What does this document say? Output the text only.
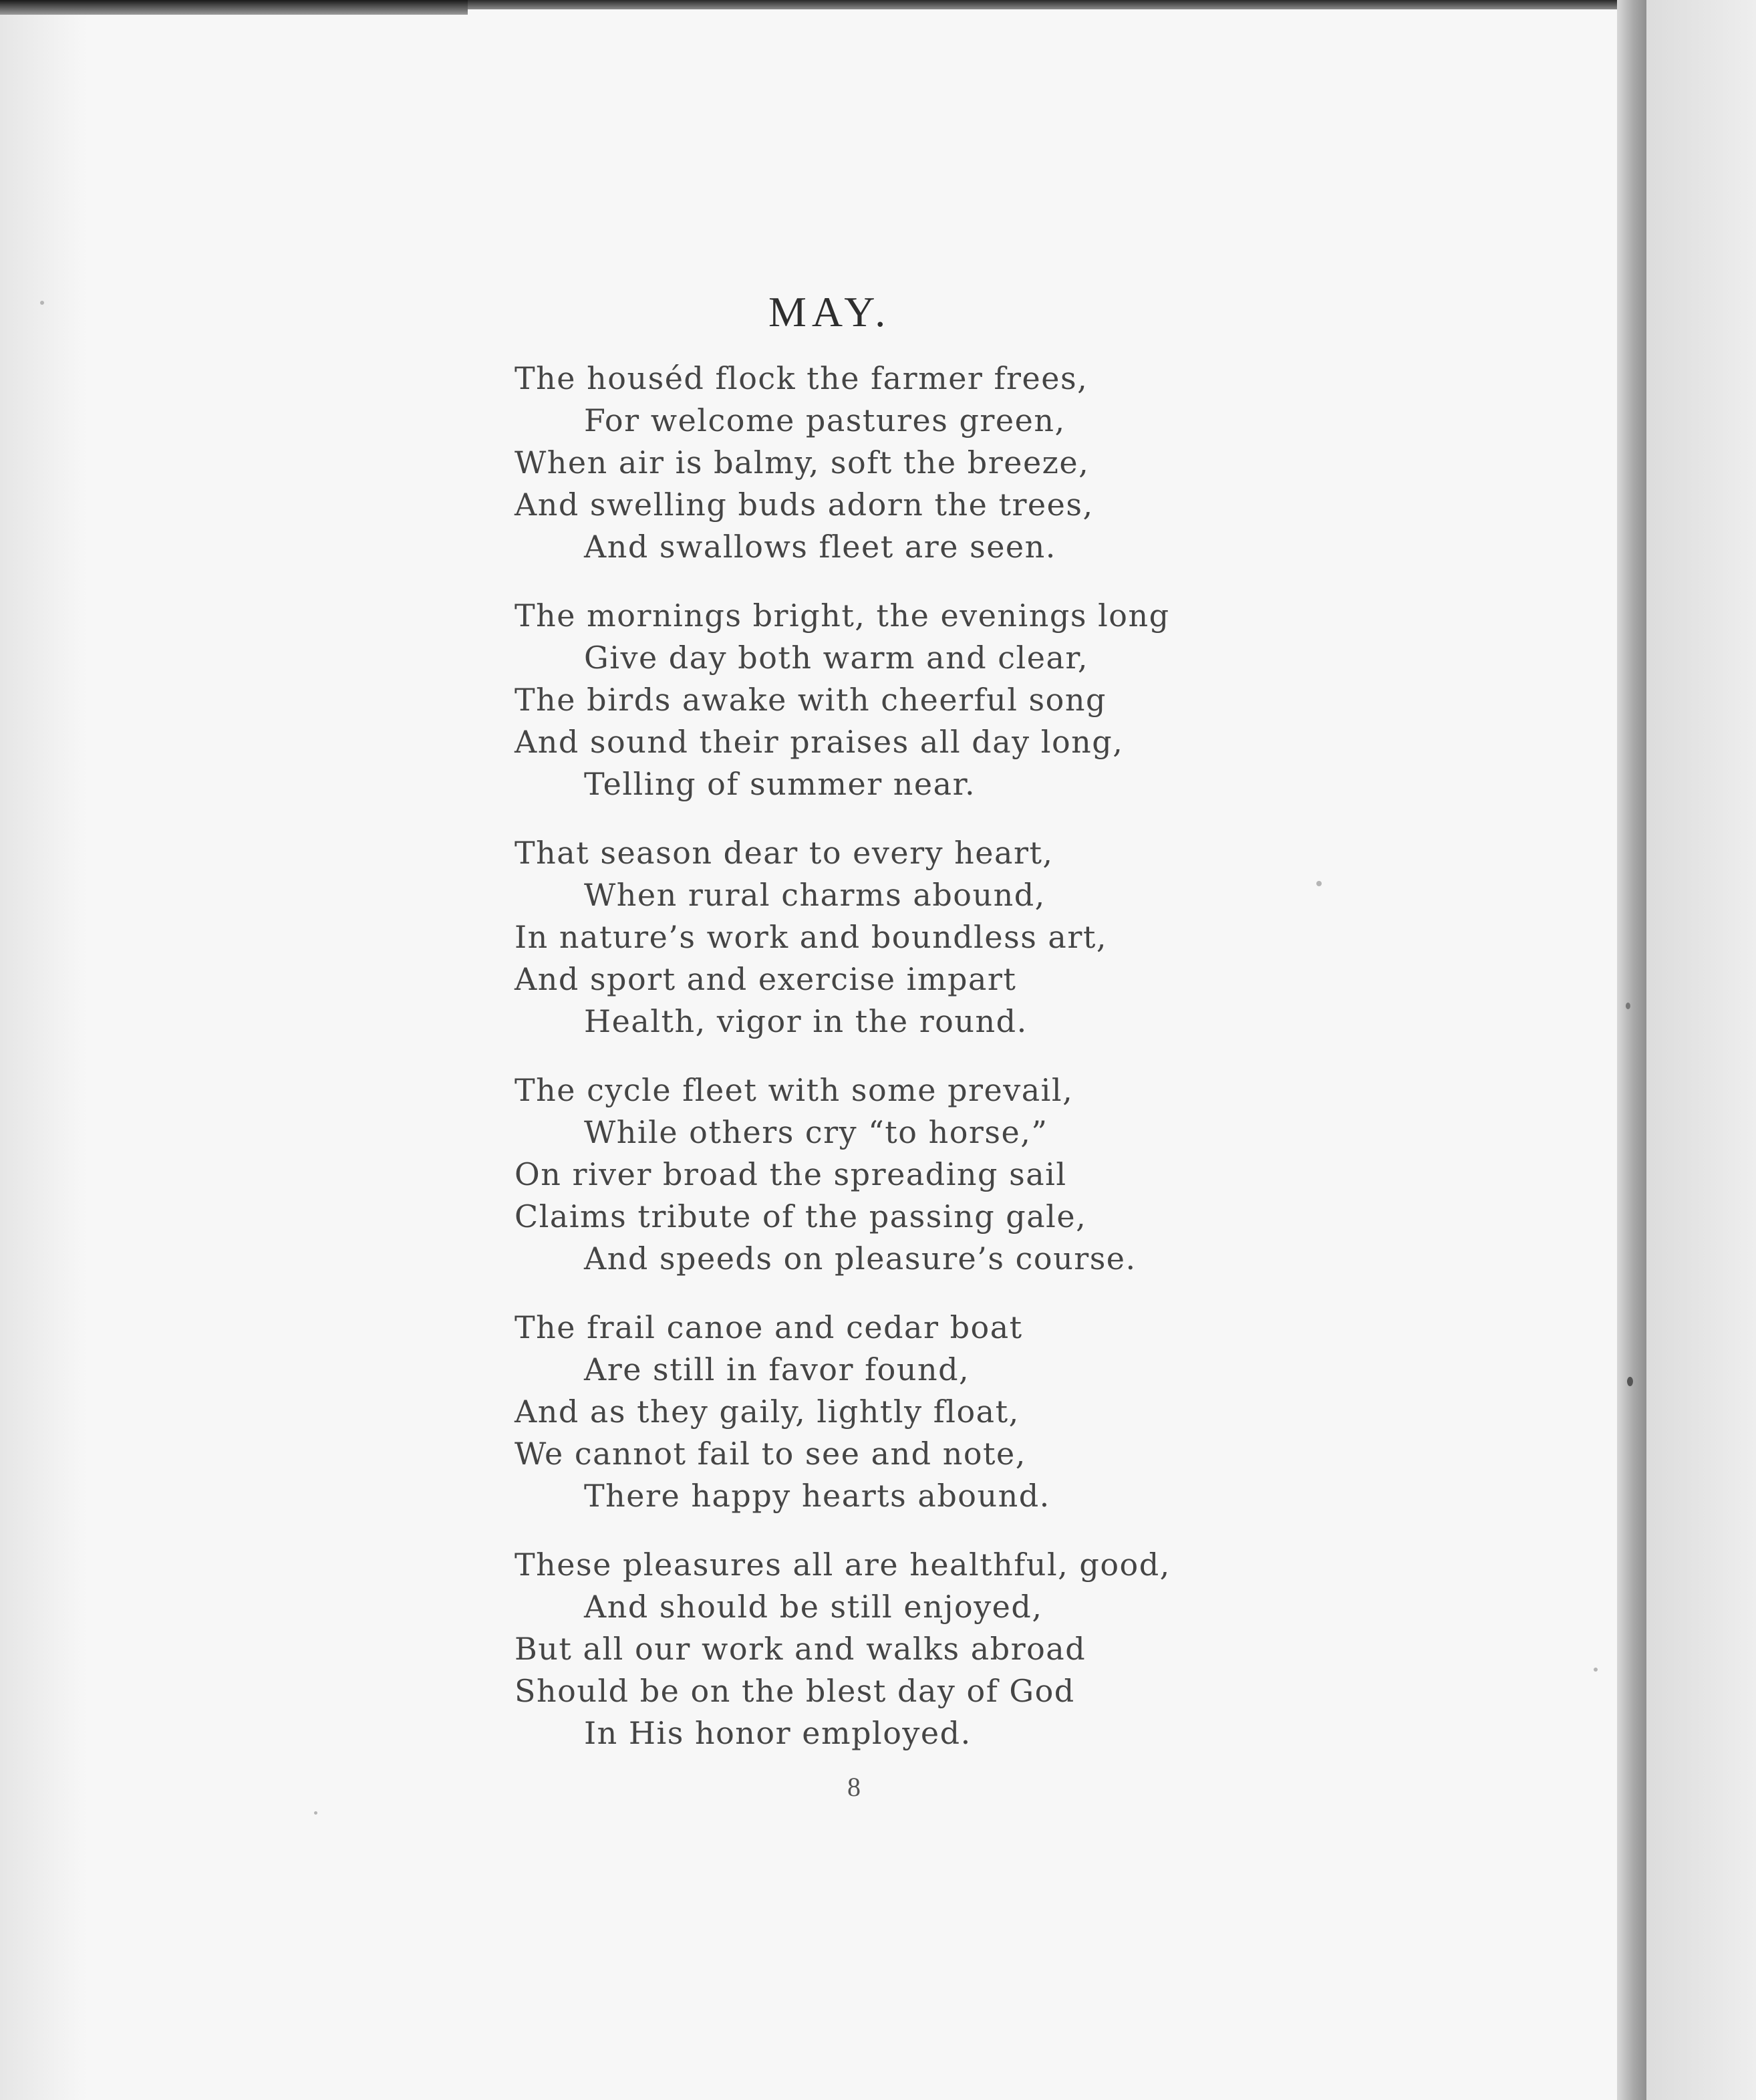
MAY.
The housé​d flock the farmer frees,
For welcome pastures green,
When air is balmy, soft the breeze,
And swelling buds adorn the trees,
And swallows fleet are seen.
The mornings bright, the evenings long
Give day both warm and clear,
The birds awake with cheerful song
And sound their praises all day long,
Telling of summer near.
That season dear to every heart,
When rural charms abound,
In nature’s work and boundless art,
And sport and exercise impart
Health, vigor in the round.
The cycle fleet with some prevail,
While others cry “to horse,”
On river broad the spreading sail
Claims tribute of the passing gale,
And speeds on pleasure’s course.
The frail canoe and cedar boat
Are still in favor found,
And as they gaily, lightly float,
We cannot fail to see and note,
There happy hearts abound.
These pleasures all are healthful, good,
And should be still enjoyed,
But all our work and walks abroad
Should be on the blest day of God
In His honor employed.
8
